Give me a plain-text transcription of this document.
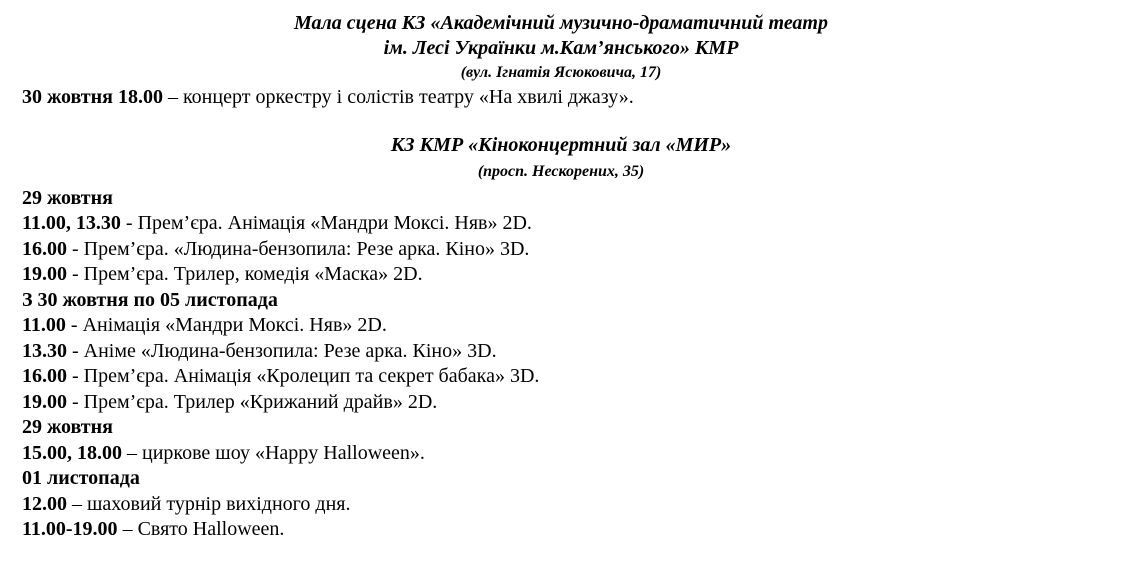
Мала сцена КЗ «Академічний музично-драматичний театр
ім. Лесі Українки м.Кам’янського» КМР
(вул. Ігнатія Ясюковича, 17)
30 жовтня 18.00 – концерт оркестру і солістів театру «На хвилі джазу».
КЗ КМР «Кіноконцертний зал «МИР»
(просп. Нескорених, 35)
29 жовтня
11.00, 13.30 - Прем’єра. Анімація «Мандри Моксі. Няв» 2D.
16.00 - Прем’єра. «Людина-бензопила: Резе арка. Кіно» 3D.
19.00 - Прем’єра. Трилер, комедія «Маска» 2D.
З 30 жовтня по 05 листопада
11.00 - Анімація «Мандри Моксі. Няв» 2D.
13.30 - Аніме «Людина-бензопила: Резе арка. Кіно» 3D.
16.00 - Прем’єра. Анімація «Кролецип та секрет бабака» 3D.
19.00 - Прем’єра. Трилер «Крижаний драйв» 2D.
29 жовтня
15.00, 18.00 – циркове шоу «Happy Halloween».
01 листопада
12.00 – шаховий турнір вихідного дня.
11.00-19.00 – Свято Halloween.
